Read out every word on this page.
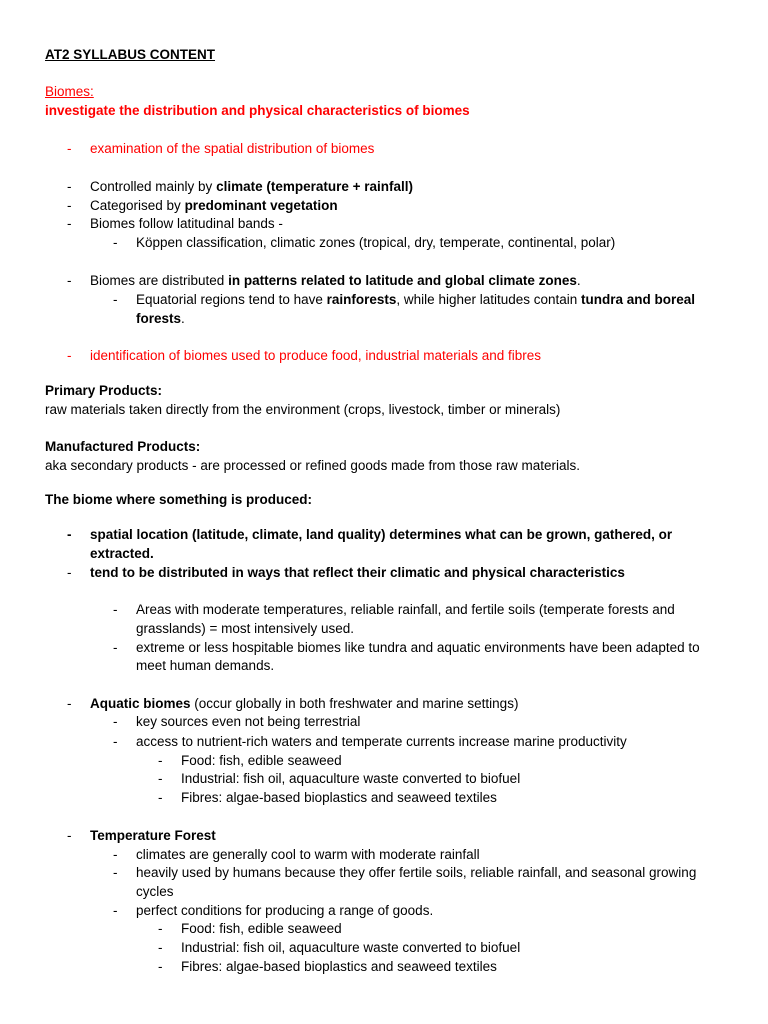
AT2 SYLLABUS CONTENT
Biomes:
investigate the distribution and physical characteristics of biomes
- examination of the spatial distribution of biomes
- Controlled mainly by climate (temperature + rainfall)
- Categorised by predominant vegetation
- Biomes follow latitudinal bands -
- Köppen classification, climatic zones (tropical, dry, temperate, continental, polar)
- Biomes are distributed in patterns related to latitude and global climate zones.
- Equatorial regions tend to have rainforests, while higher latitudes contain tundra and boreal
forests.
- identification of biomes used to produce food, industrial materials and fibres
Primary Products:
raw materials taken directly from the environment (crops, livestock, timber or minerals)
Manufactured Products:
aka secondary products - are processed or refined goods made from those raw materials.
The biome where something is produced:
- spatial location (latitude, climate, land quality) determines what can be grown, gathered, or
extracted.
- tend to be distributed in ways that reflect their climatic and physical characteristics
- Areas with moderate temperatures, reliable rainfall, and fertile soils (temperate forests and
grasslands) = most intensively used.
- extreme or less hospitable biomes like tundra and aquatic environments have been adapted to
meet human demands.
- Aquatic biomes (occur globally in both freshwater and marine settings)
- key sources even not being terrestrial
- access to nutrient-rich waters and temperate currents increase marine productivity
- Food: fish, edible seaweed
- Industrial: fish oil, aquaculture waste converted to biofuel
- Fibres: algae-based bioplastics and seaweed textiles
- Temperature Forest
- climates are generally cool to warm with moderate rainfall
- heavily used by humans because they offer fertile soils, reliable rainfall, and seasonal growing
cycles
- perfect conditions for producing a range of goods.
- Food: fish, edible seaweed
- Industrial: fish oil, aquaculture waste converted to biofuel
- Fibres: algae-based bioplastics and seaweed textiles
